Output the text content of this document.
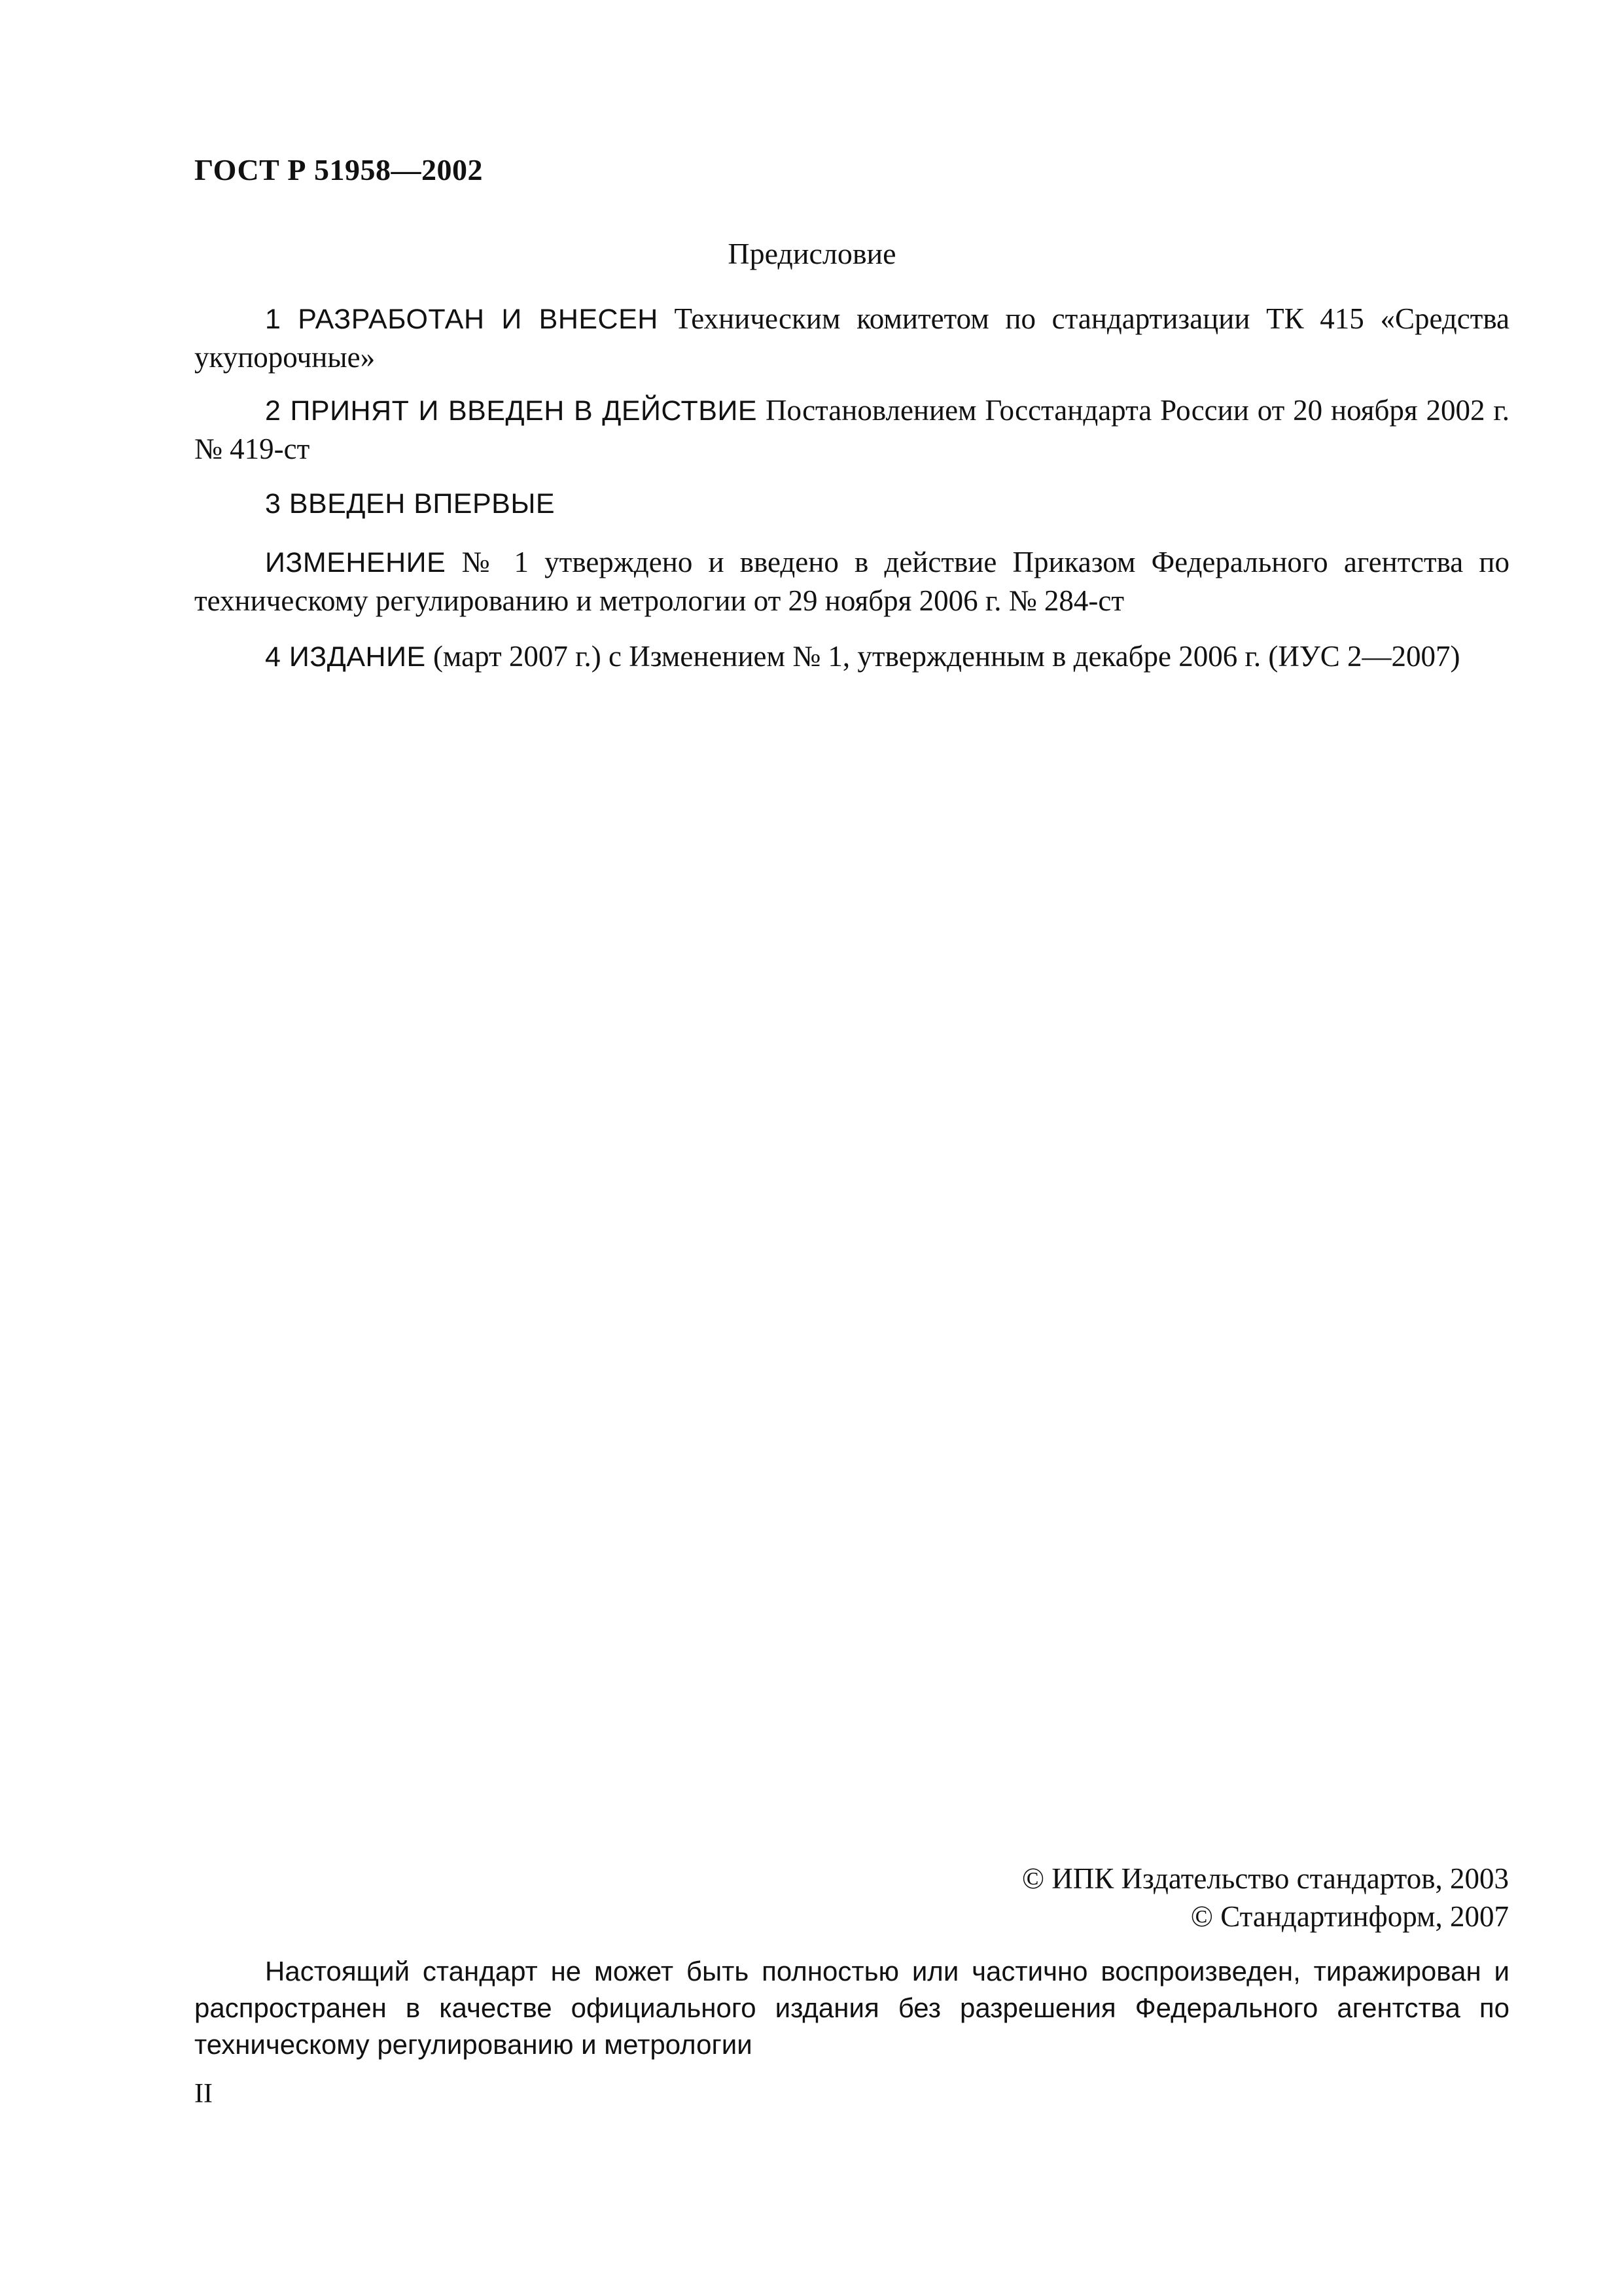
ГОСТ Р 51958—2002
Предисловие
1 РАЗРАБОТАН И ВНЕСЕН Техническим комитетом по стандартизации ТК 415 «Средства укупорочные»
2 ПРИНЯТ И ВВЕДЕН В ДЕЙСТВИЕ Постановлением Госстандарта России от 20 ноября 2002 г. № 419-ст
3 ВВЕДЕН ВПЕРВЫЕ
ИЗМЕНЕНИЕ № 1 утверждено и введено в действие Приказом Федерального агентства по техническому регулированию и метрологии от 29 ноября 2006 г. № 284-ст
4 ИЗДАНИЕ (март 2007 г.) с Изменением № 1, утвержденным в декабре 2006 г. (ИУС 2—2007)
© ИПК Издательство стандартов, 2003
© Стандартинформ, 2007
Настоящий стандарт не может быть полностью или частично воспроизведен, тиражирован и распространен в качестве официального издания без разрешения Федерального агентства по техническому регулированию и метрологии
II
